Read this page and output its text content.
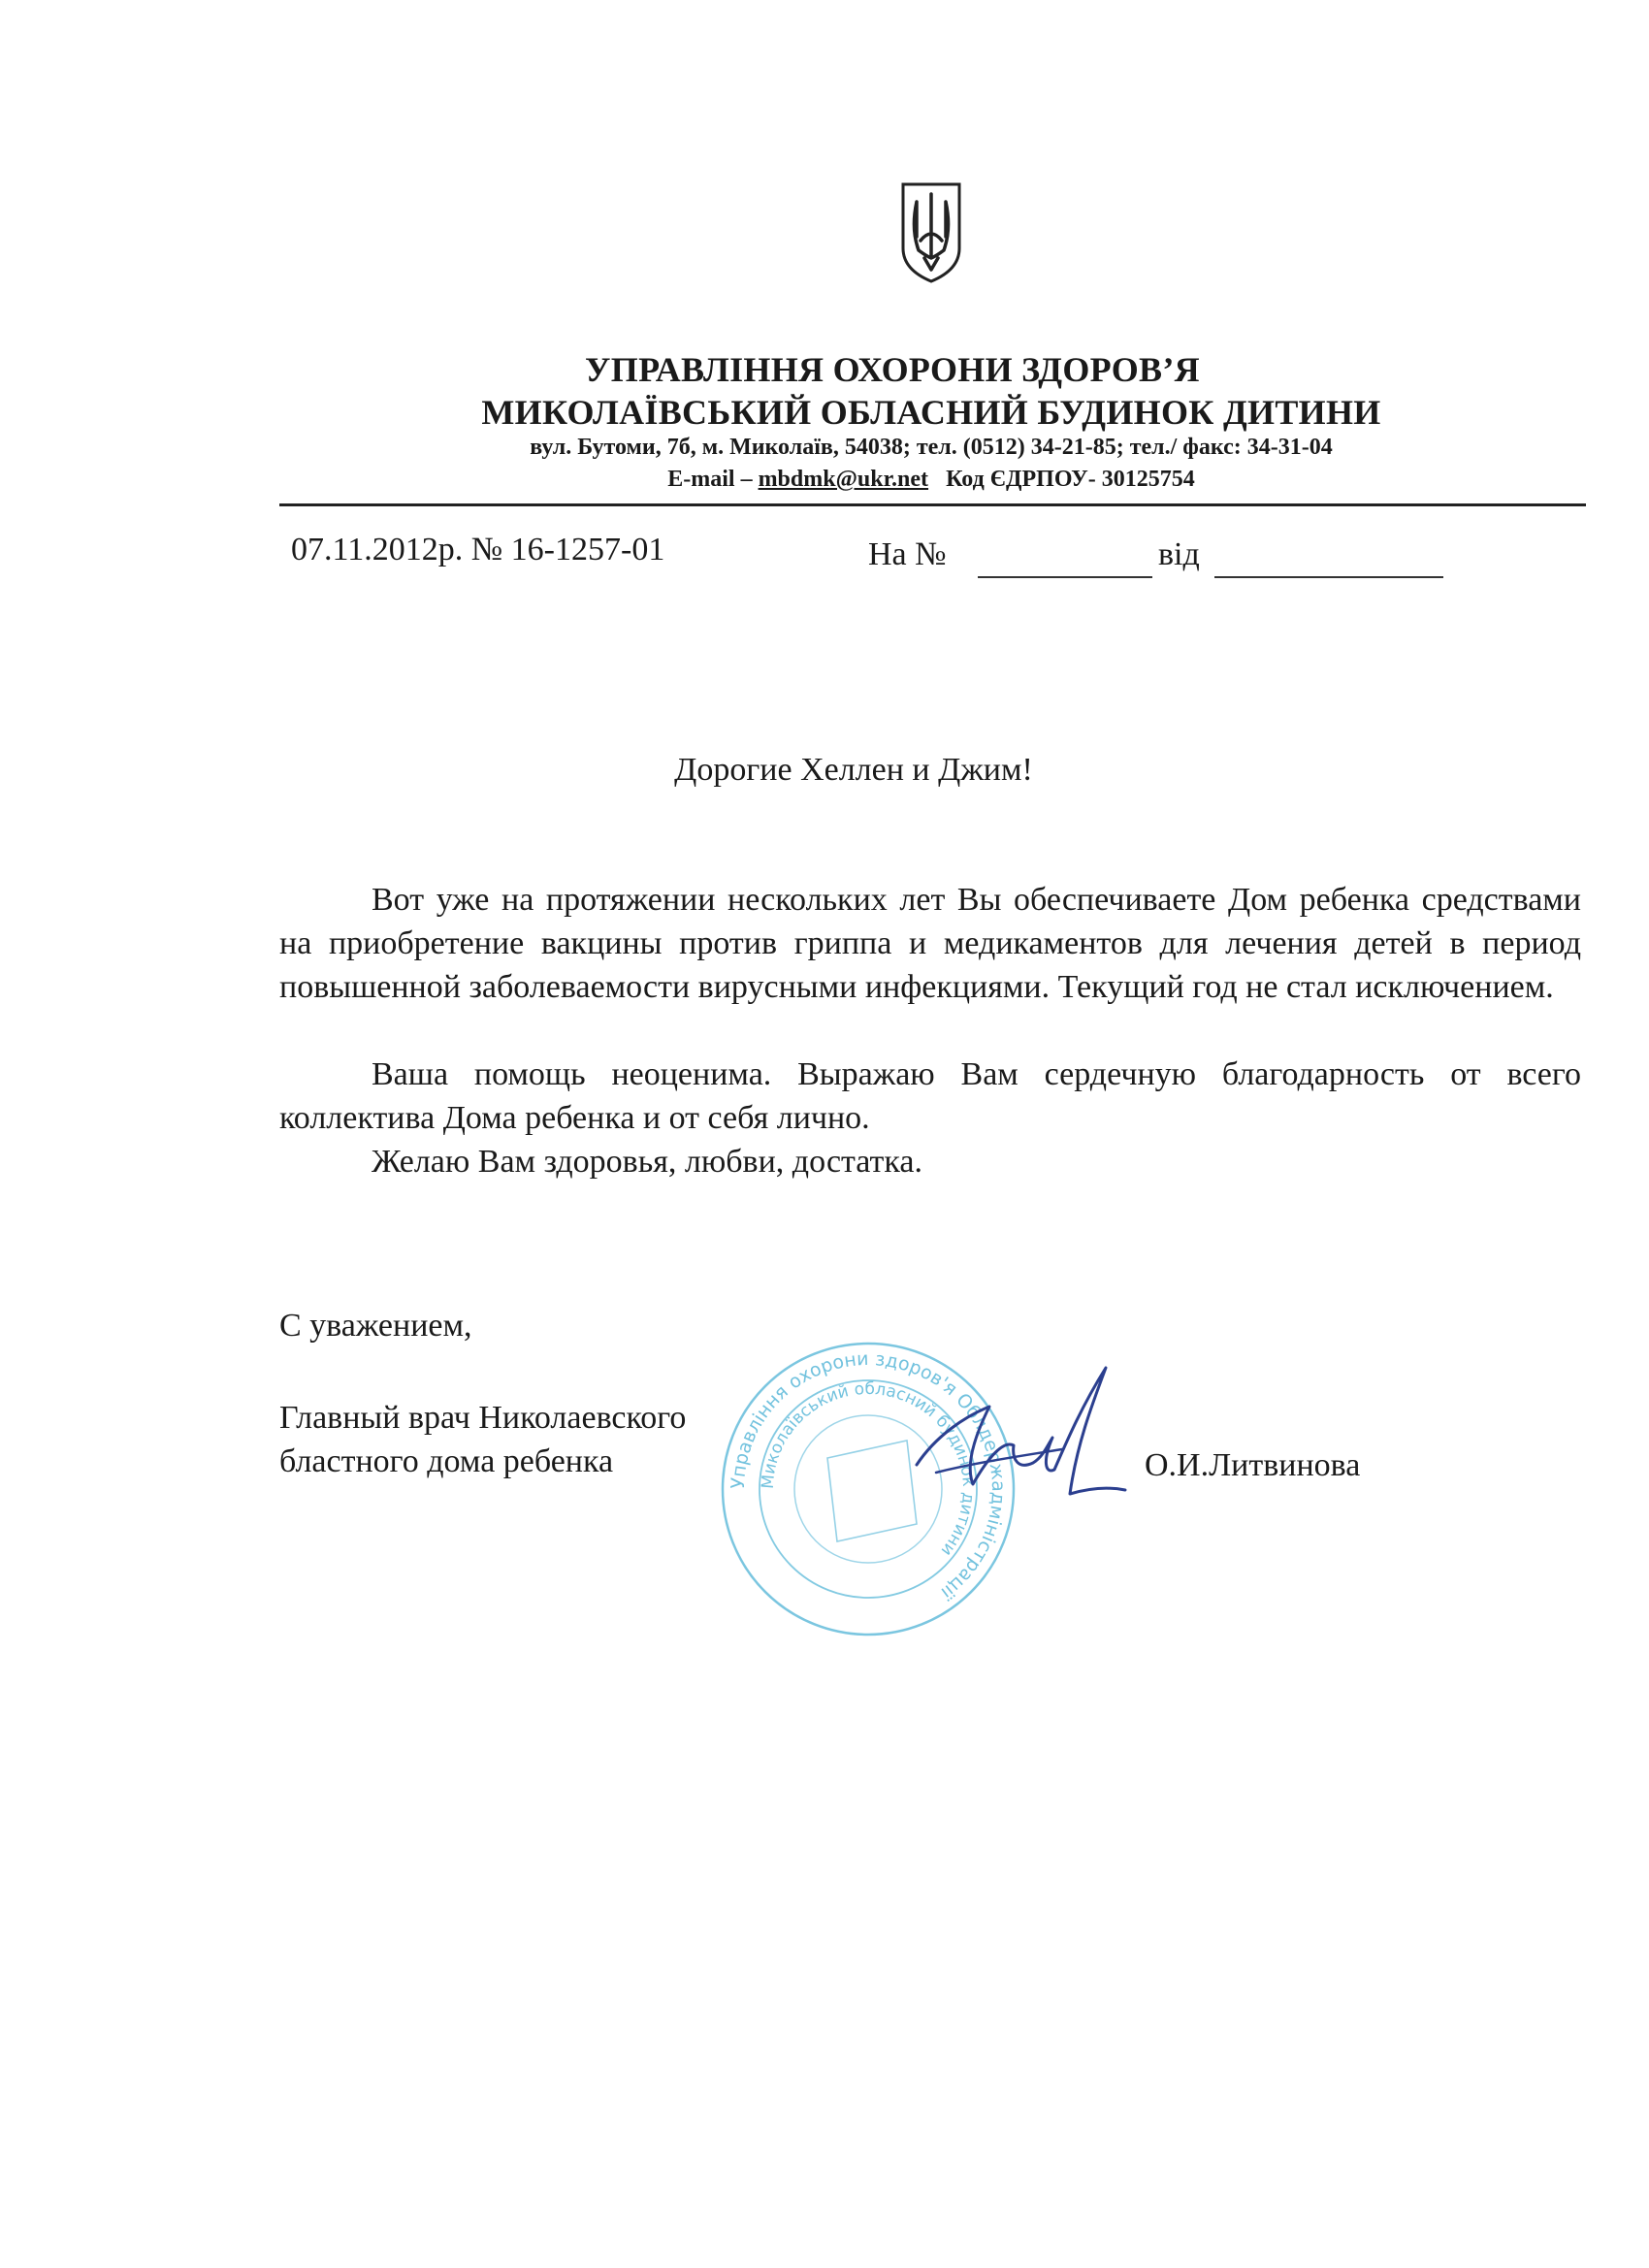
УПРАВЛІННЯ ОХОРОНИ ЗДОРОВ’Я
МИКОЛАЇВСЬКИЙ ОБЛАСНИЙ БУДИНОК ДИТИНИ
вул. Бутоми, 7б, м. Миколаїв, 54038; тел. (0512) 34-21-85; тел./ факс: 34-31-04
E-mail – mbdmk@ukr.net Код ЄДРПОУ- 30125754
07.11.2012р. № 16-1257-01	На №	від
Дорогие Хеллен и Джим!
Вот уже на протяжении нескольких лет Вы обеспечиваете Дом ребенка средствами на приобретение вакцины против гриппа и медикаментов для лечения детей в период повышенной заболеваемости вирусными инфекциями. Текущий год не стал исключением.
Ваша помощь неоценима. Выражаю Вам сердечную благодарность от всего коллектива Дома ребенка и от себя лично.
Желаю Вам здоровья, любви, достатка.
С уважением,
Главный врач Николаевского
бластного дома ребенка	О.И.Литвинова
Управління охорони здоров'я Облдержадміністрації
Миколаївський обласний будинок дитини
